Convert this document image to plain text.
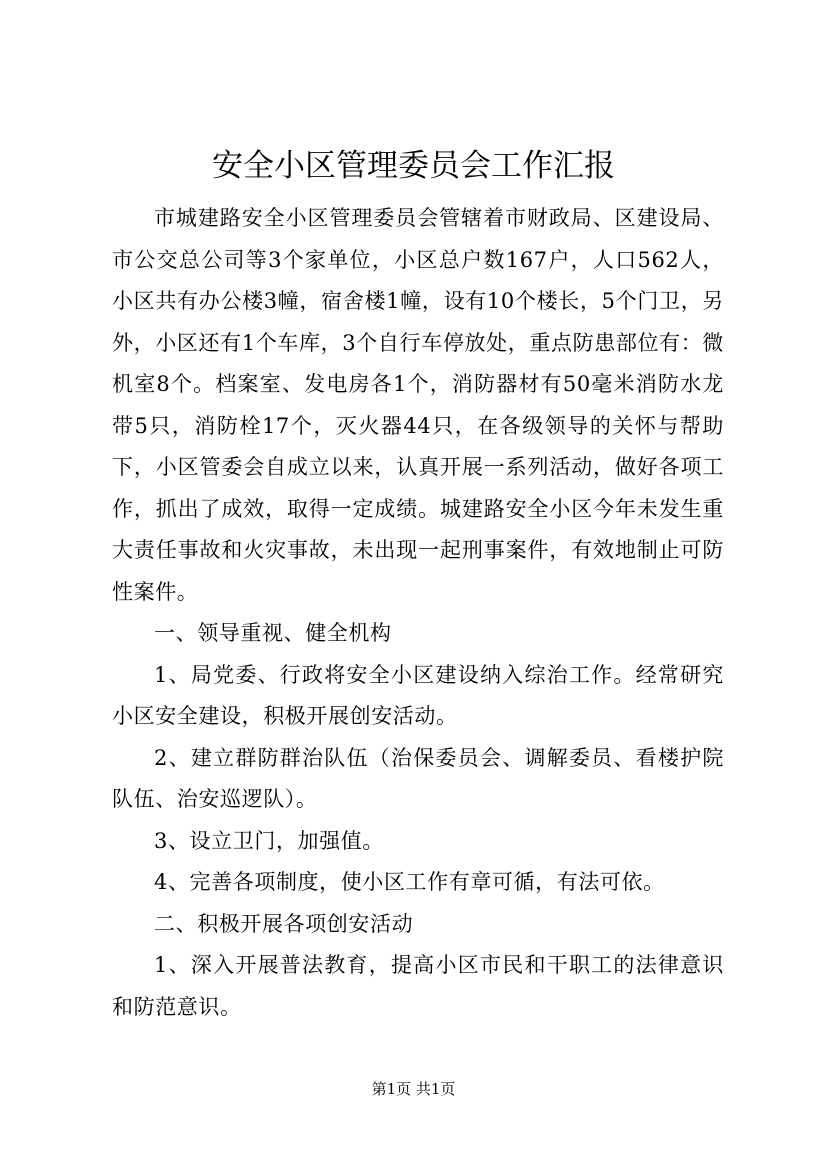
安全小区管理委员会工作汇报

市城建路安全小区管理委员会管辖着市财政局、区建设局、市公交总公司等3个家单位，小区总户数167户，人口562人，小区共有办公楼3幢，宿舍楼1幢，设有10个楼长，5个门卫，另外，小区还有1个车库，3个自行车停放处，重点防患部位有：微机室8个。档案室、发电房各1个，消防器材有50毫米消防水龙带5只，消防栓17个，灭火器44只，在各级领导的关怀与帮助下，小区管委会自成立以来，认真开展一系列活动，做好各项工作，抓出了成效，取得一定成绩。城建路安全小区今年未发生重大责任事故和火灾事故，未出现一起刑事案件，有效地制止可防性案件。

一、领导重视、健全机构

1、局党委、行政将安全小区建设纳入综治工作。经常研究小区安全建设，积极开展创安活动。

2、建立群防群治队伍（治保委员会、调解委员、看楼护院队伍、治安巡逻队）。

3、设立卫门，加强值。

4、完善各项制度，使小区工作有章可循，有法可依。

二、积极开展各项创安活动

1、深入开展普法教育，提高小区市民和干职工的法律意识和防范意识。

第1页 共1页
